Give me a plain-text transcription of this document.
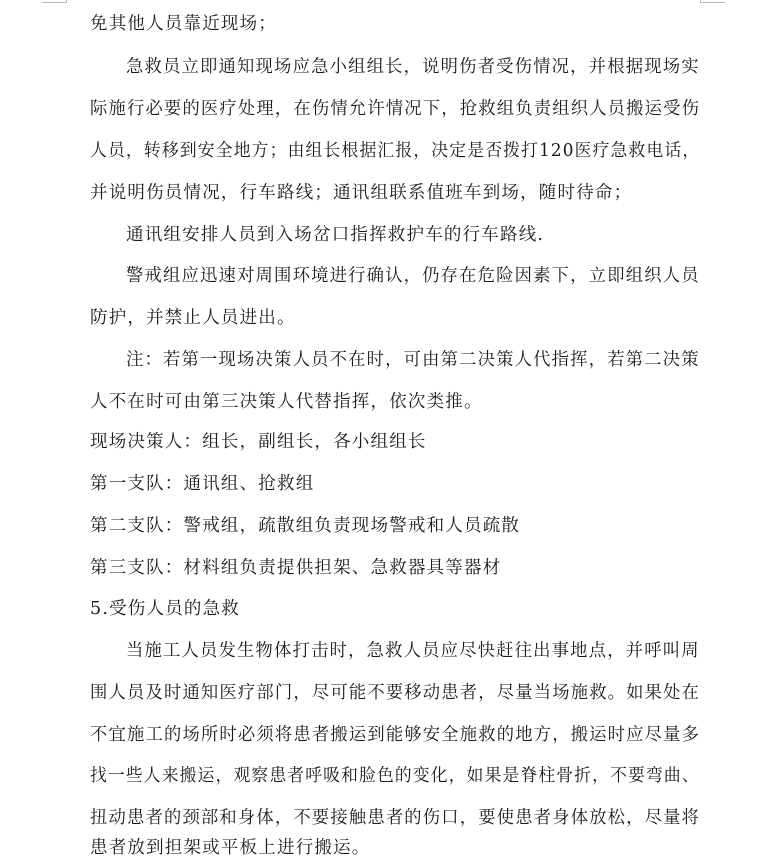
免其他人员靠近现场；
急救员立即通知现场应急小组组长，说明伤者受伤情况，并根据现场实
际施行必要的医疗处理，在伤情允许情况下，抢救组负责组织人员搬运受伤
人员，转移到安全地方；由组长根据汇报，决定是否拨打120医疗急救电话，
并说明伤员情况，行车路线；通讯组联系值班车到场，随时待命；
通讯组安排人员到入场岔口指挥救护车的行车路线.
警戒组应迅速对周围环境进行确认，仍存在危险因素下，立即组织人员
防护，并禁止人员进出。
注：若第一现场决策人员不在时，可由第二决策人代指挥，若第二决策
人不在时可由第三决策人代替指挥，依次类推。
现场决策人：组长，副组长，各小组组长
第一支队：通讯组、抢救组
第二支队：警戒组，疏散组负责现场警戒和人员疏散
第三支队：材料组负责提供担架、急救器具等器材
5.受伤人员的急救
当施工人员发生物体打击时，急救人员应尽快赶往出事地点，并呼叫周
围人员及时通知医疗部门，尽可能不要移动患者，尽量当场施救。如果处在
不宜施工的场所时必须将患者搬运到能够安全施救的地方，搬运时应尽量多
找一些人来搬运，观察患者呼吸和脸色的变化，如果是脊柱骨折，不要弯曲、
扭动患者的颈部和身体，不要接触患者的伤口，要使患者身体放松，尽量将
患者放到担架或平板上进行搬运。
